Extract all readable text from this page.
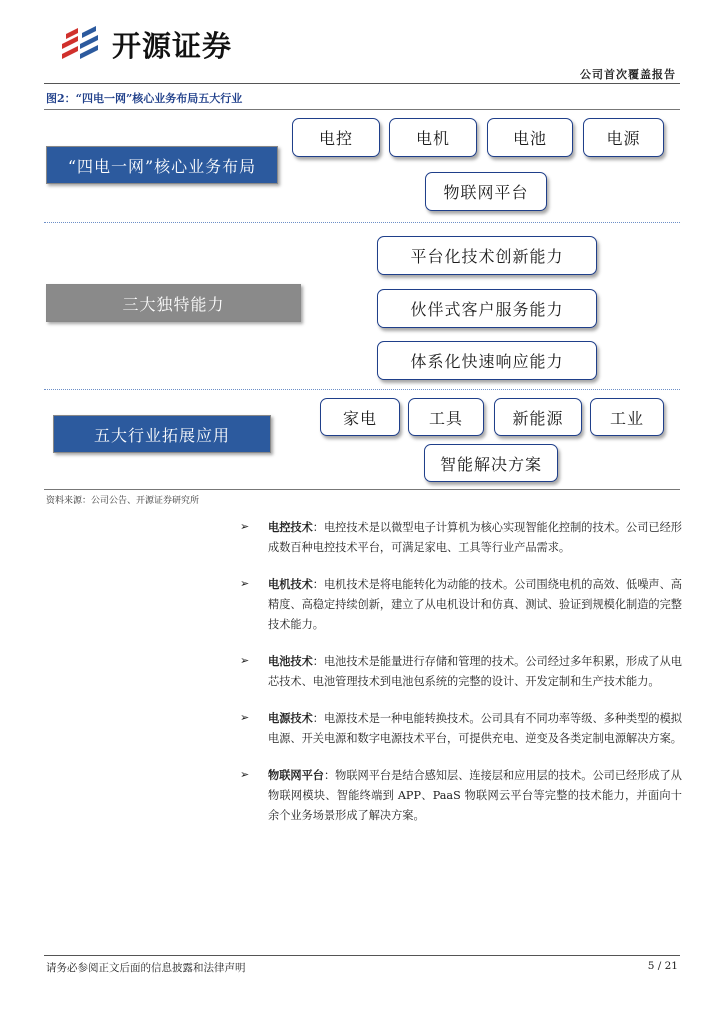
开源证券
公司首次覆盖报告
图2：“四电一网”核心业务布局五大行业
“四电一网”核心业务布局
电控	电机	电池	电源
物联网平台
三大独特能力
平台化技术创新能力
伙伴式客户服务能力
体系化快速响应能力
五大行业拓展应用
家电	工具	新能源	工业
智能解决方案
资料来源：公司公告、开源证券研究所
➢ 电控技术：电控技术是以微型电子计算机为核心实现智能化控制的技术。公司已经形成数百种电控技术平台，可满足家电、工具等行业产品需求。
➢ 电机技术：电机技术是将电能转化为动能的技术。公司围绕电机的高效、低噪声、高精度、高稳定持续创新，建立了从电机设计和仿真、测试、验证到规模化制造的完整技术能力。
➢ 电池技术：电池技术是能量进行存储和管理的技术。公司经过多年积累，形成了从电芯技术、电池管理技术到电池包系统的完整的设计、开发定制和生产技术能力。
➢ 电源技术：电源技术是一种电能转换技术。公司具有不同功率等级、多种类型的模拟电源、开关电源和数字电源技术平台，可提供充电、逆变及各类定制电源解决方案。
➢ 物联网平台：物联网平台是结合感知层、连接层和应用层的技术。公司已经形成了从物联网模块、智能终端到 APP、PaaS 物联网云平台等完整的技术能力，并面向十余个业务场景形成了解决方案。
请务必参阅正文后面的信息披露和法律声明	5 / 21
